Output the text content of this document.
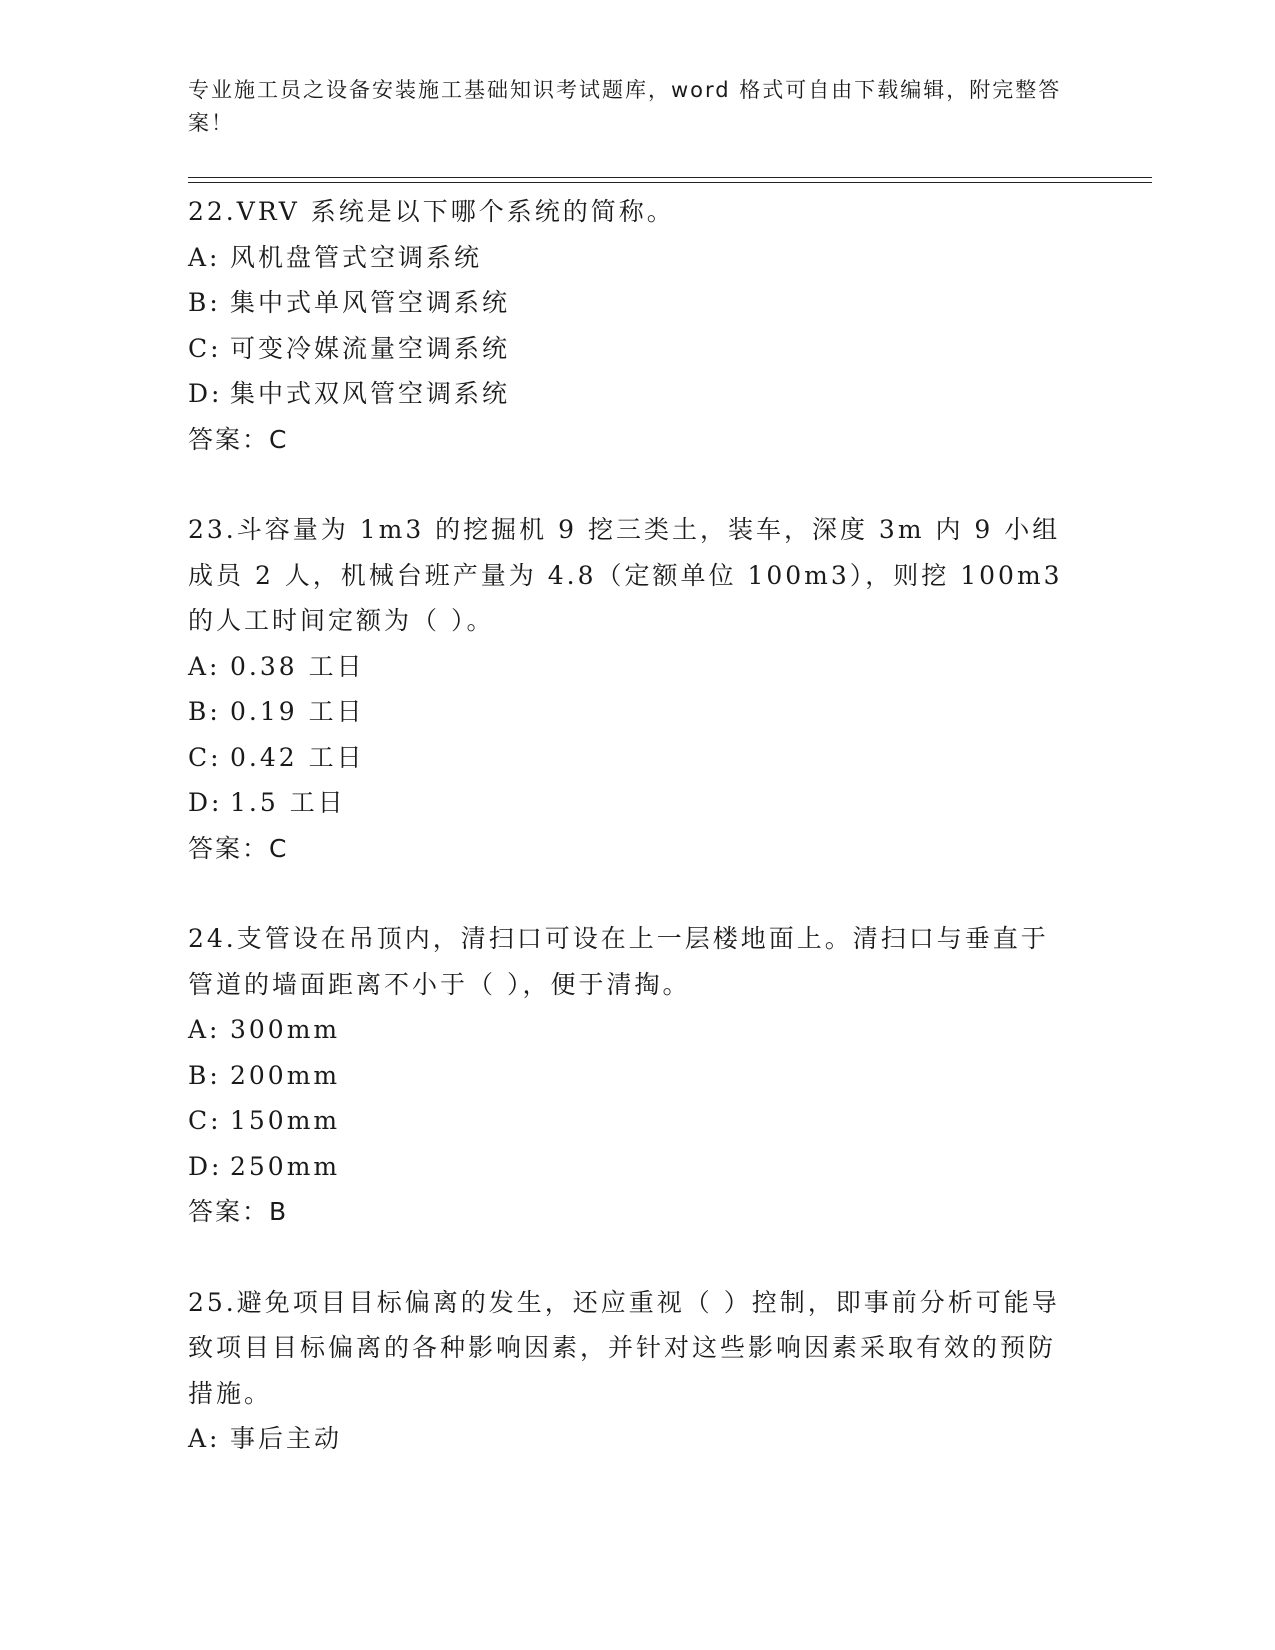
专业施工员之设备安装施工基础知识考试题库，word 格式可自由下载编辑，附完整答案！
22.VRV 系统是以下哪个系统的简称。
A: 风机盘管式空调系统
B: 集中式单风管空调系统
C: 可变冷媒流量空调系统
D: 集中式双风管空调系统
答案：C
23.斗容量为 1m3 的挖掘机 9 挖三类土，装车，深度 3m 内 9 小组成员 2 人，机械台班产量为 4.8（定额单位 100m3），则挖 100m3 的人工时间定额为（ ）。
A: 0.38 工日
B: 0.19 工日
C: 0.42 工日
D: 1.5 工日
答案：C
24.支管设在吊顶内，清扫口可设在上一层楼地面上。清扫口与垂直于管道的墙面距离不小于（ ），便于清掏。
A: 300mm
B: 200mm
C: 150mm
D: 250mm
答案：B
25.避免项目目标偏离的发生，还应重视（ ）控制，即事前分析可能导致项目目标偏离的各种影响因素，并针对这些影响因素采取有效的预防措施。
A: 事后主动
